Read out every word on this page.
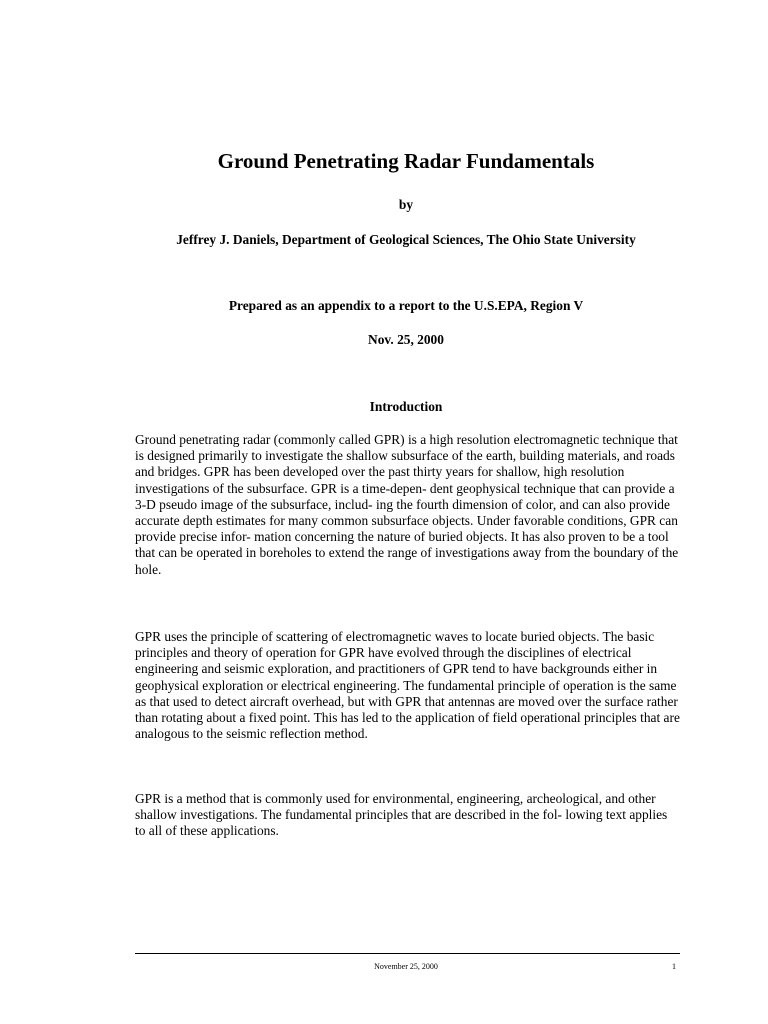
Ground Penetrating Radar Fundamentals

by

Jeffrey J. Daniels, Department of Geological Sciences, The Ohio State University

Prepared as an appendix to a report to the U.S.EPA, Region V

Nov. 25, 2000

Introduction

Ground penetrating radar (commonly called GPR) is a high resolution electromagnetic technique that is designed primarily to investigate the shallow subsurface of the earth, building materials, and roads and bridges. GPR has been developed over the past thirty years for shallow, high resolution investigations of the subsurface. GPR is a time-depen- dent geophysical technique that can provide a 3-D pseudo image of the subsurface, includ- ing the fourth dimension of color, and can also provide accurate depth estimates for many common subsurface objects. Under favorable conditions, GPR can provide precise infor- mation concerning the nature of buried objects. It has also proven to be a tool that can be operated in boreholes to extend the range of investigations away from the boundary of the hole.

GPR uses the principle of scattering of electromagnetic waves to locate buried objects. The basic principles and theory of operation for GPR have evolved through the disciplines of electrical engineering and seismic exploration, and practitioners of GPR tend to have backgrounds either in geophysical exploration or electrical engineering. The fundamental principle of operation is the same as that used to detect aircraft overhead, but with GPR that antennas are moved over the surface rather than rotating about a fixed point. This has led to the application of field operational principles that are analogous to the seismic reflection method.

GPR is a method that is commonly used for environmental, engineering, archeological, and other shallow investigations. The fundamental principles that are described in the fol- lowing text applies to all of these applications.

November 25, 2000	1
